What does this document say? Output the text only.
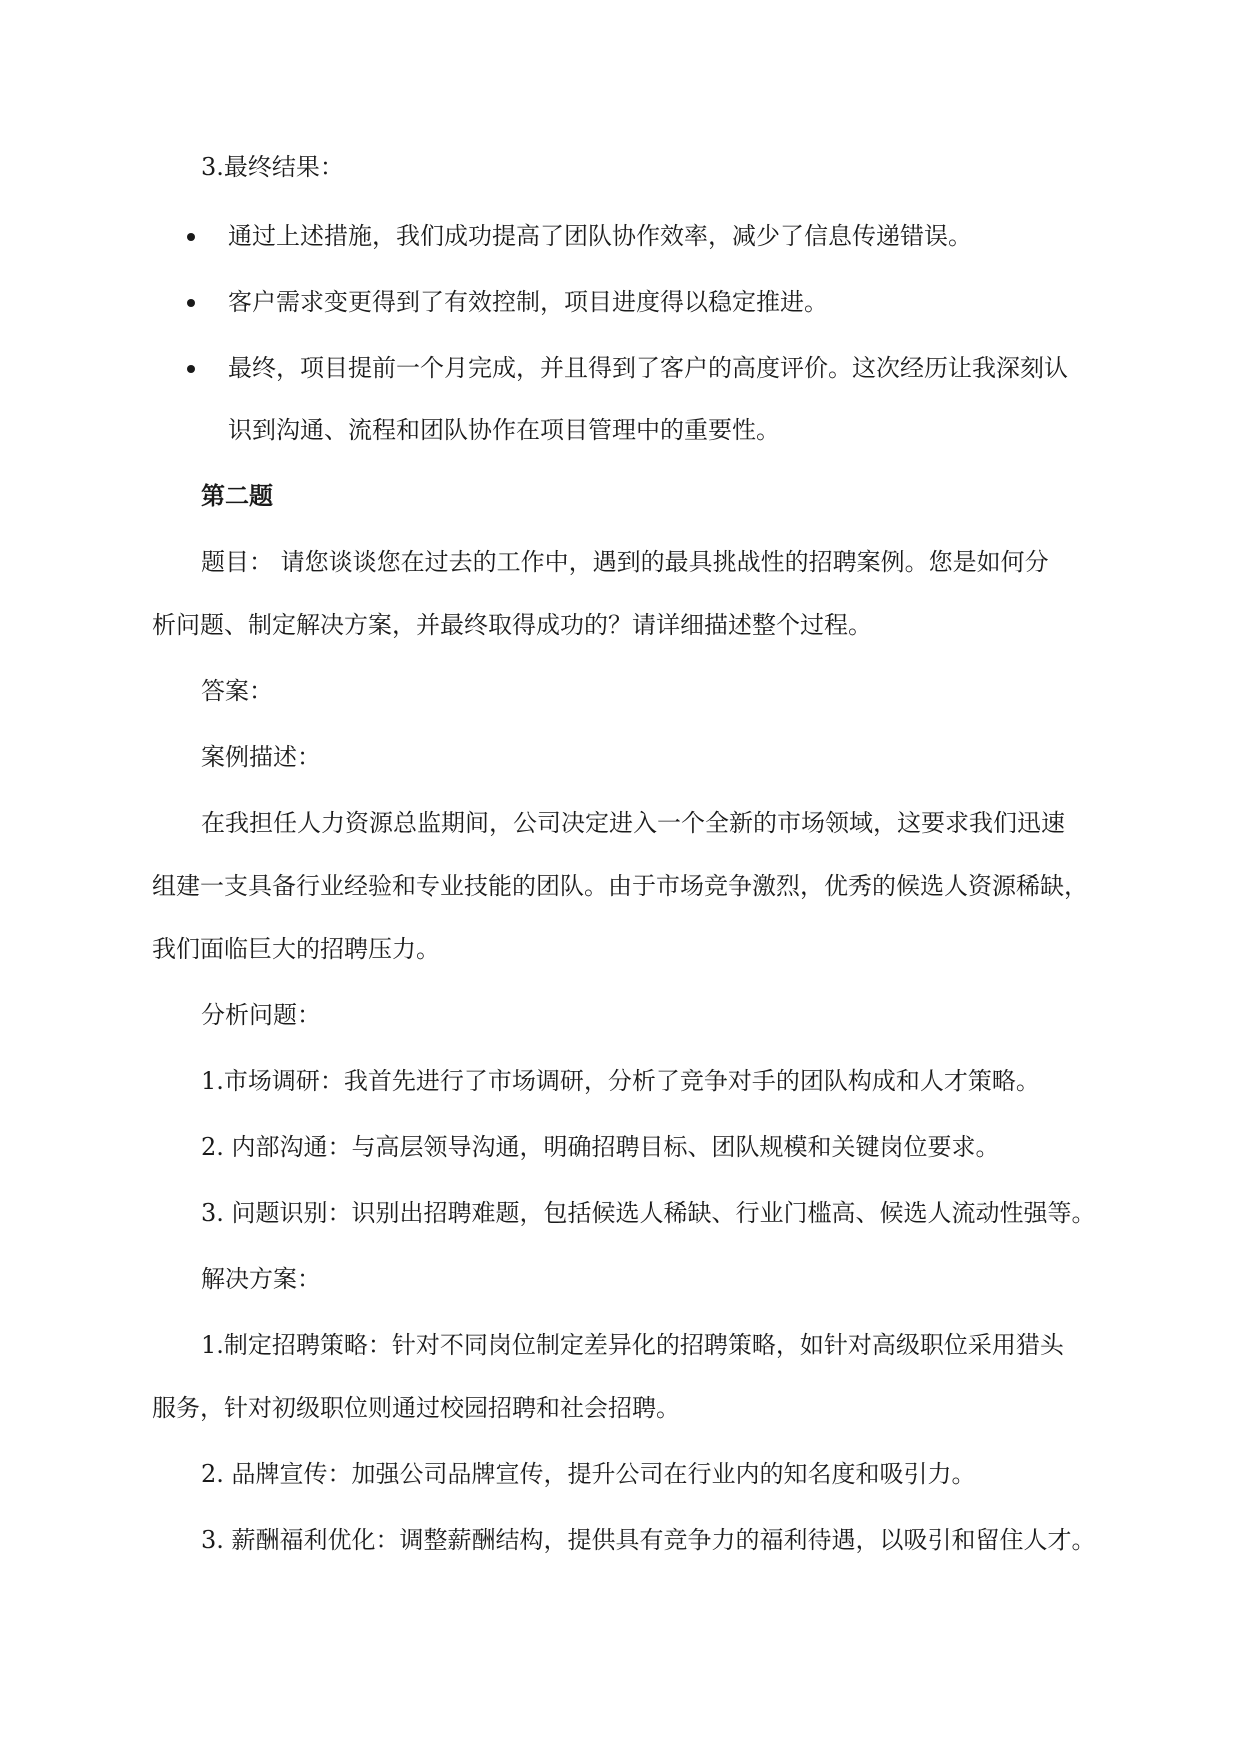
3.最终结果：
通过上述措施，我们成功提高了团队协作效率，减少了信息传递错误。
客户需求变更得到了有效控制，项目进度得以稳定推进。
最终，项目提前一个月完成，并且得到了客户的高度评价。这次经历让我深刻认
识到沟通、流程和团队协作在项目管理中的重要性。
第二题
题目： 请您谈谈您在过去的工作中，遇到的最具挑战性的招聘案例。您是如何分
析问题、制定解决方案，并最终取得成功的？请详细描述整个过程。
答案：
案例描述：
在我担任人力资源总监期间，公司决定进入一个全新的市场领域，这要求我们迅速
组建一支具备行业经验和专业技能的团队。由于市场竞争激烈，优秀的候选人资源稀缺，
我们面临巨大的招聘压力。
分析问题：
1.市场调研：我首先进行了市场调研，分析了竞争对手的团队构成和人才策略。
2. 内部沟通：与高层领导沟通，明确招聘目标、团队规模和关键岗位要求。
3. 问题识别：识别出招聘难题，包括候选人稀缺、行业门槛高、候选人流动性强等。
解决方案：
1.制定招聘策略：针对不同岗位制定差异化的招聘策略，如针对高级职位采用猎头
服务，针对初级职位则通过校园招聘和社会招聘。
2. 品牌宣传：加强公司品牌宣传，提升公司在行业内的知名度和吸引力。
3. 薪酬福利优化：调整薪酬结构，提供具有竞争力的福利待遇，以吸引和留住人才。
